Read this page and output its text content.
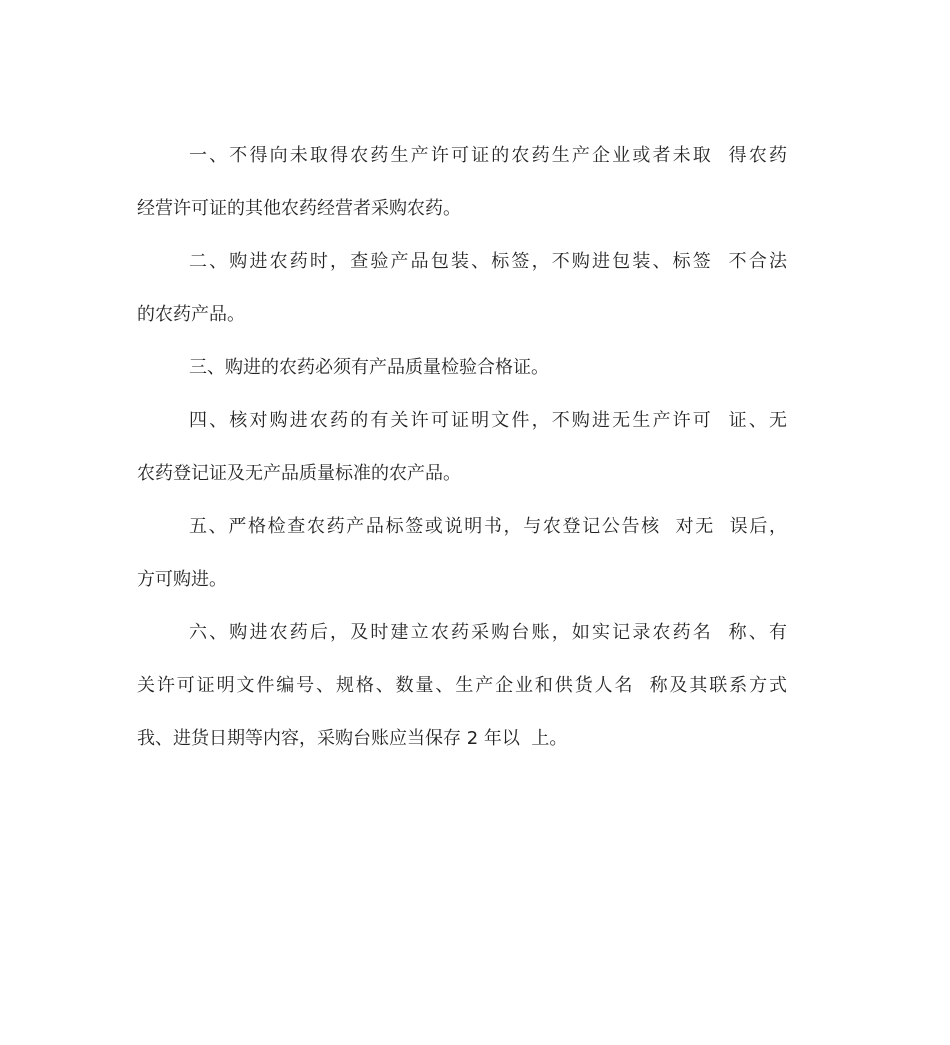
一、不得向未取得农药生产许可证的农药生产企业或者未取  得农药
经营许可证的其他农药经营者采购农药。
二、购进农药时，查验产品包装、标签，不购进包装、标签  不合法
的农药产品。
三、购进的农药必须有产品质量检验合格证。
四、核对购进农药的有关许可证明文件，不购进无生产许可  证、无
农药登记证及无产品质量标准的农产品。
五、严格检查农药产品标签或说明书，与农登记公告核  对无  误后，
方可购进。
六、购进农药后，及时建立农药采购台账，如实记录农药名  称、有
关许可证明文件编号、规格、数量、生产企业和供货人名  称及其联系方式
我、进货日期等内容，采购台账应当保存 2 年以  上。
